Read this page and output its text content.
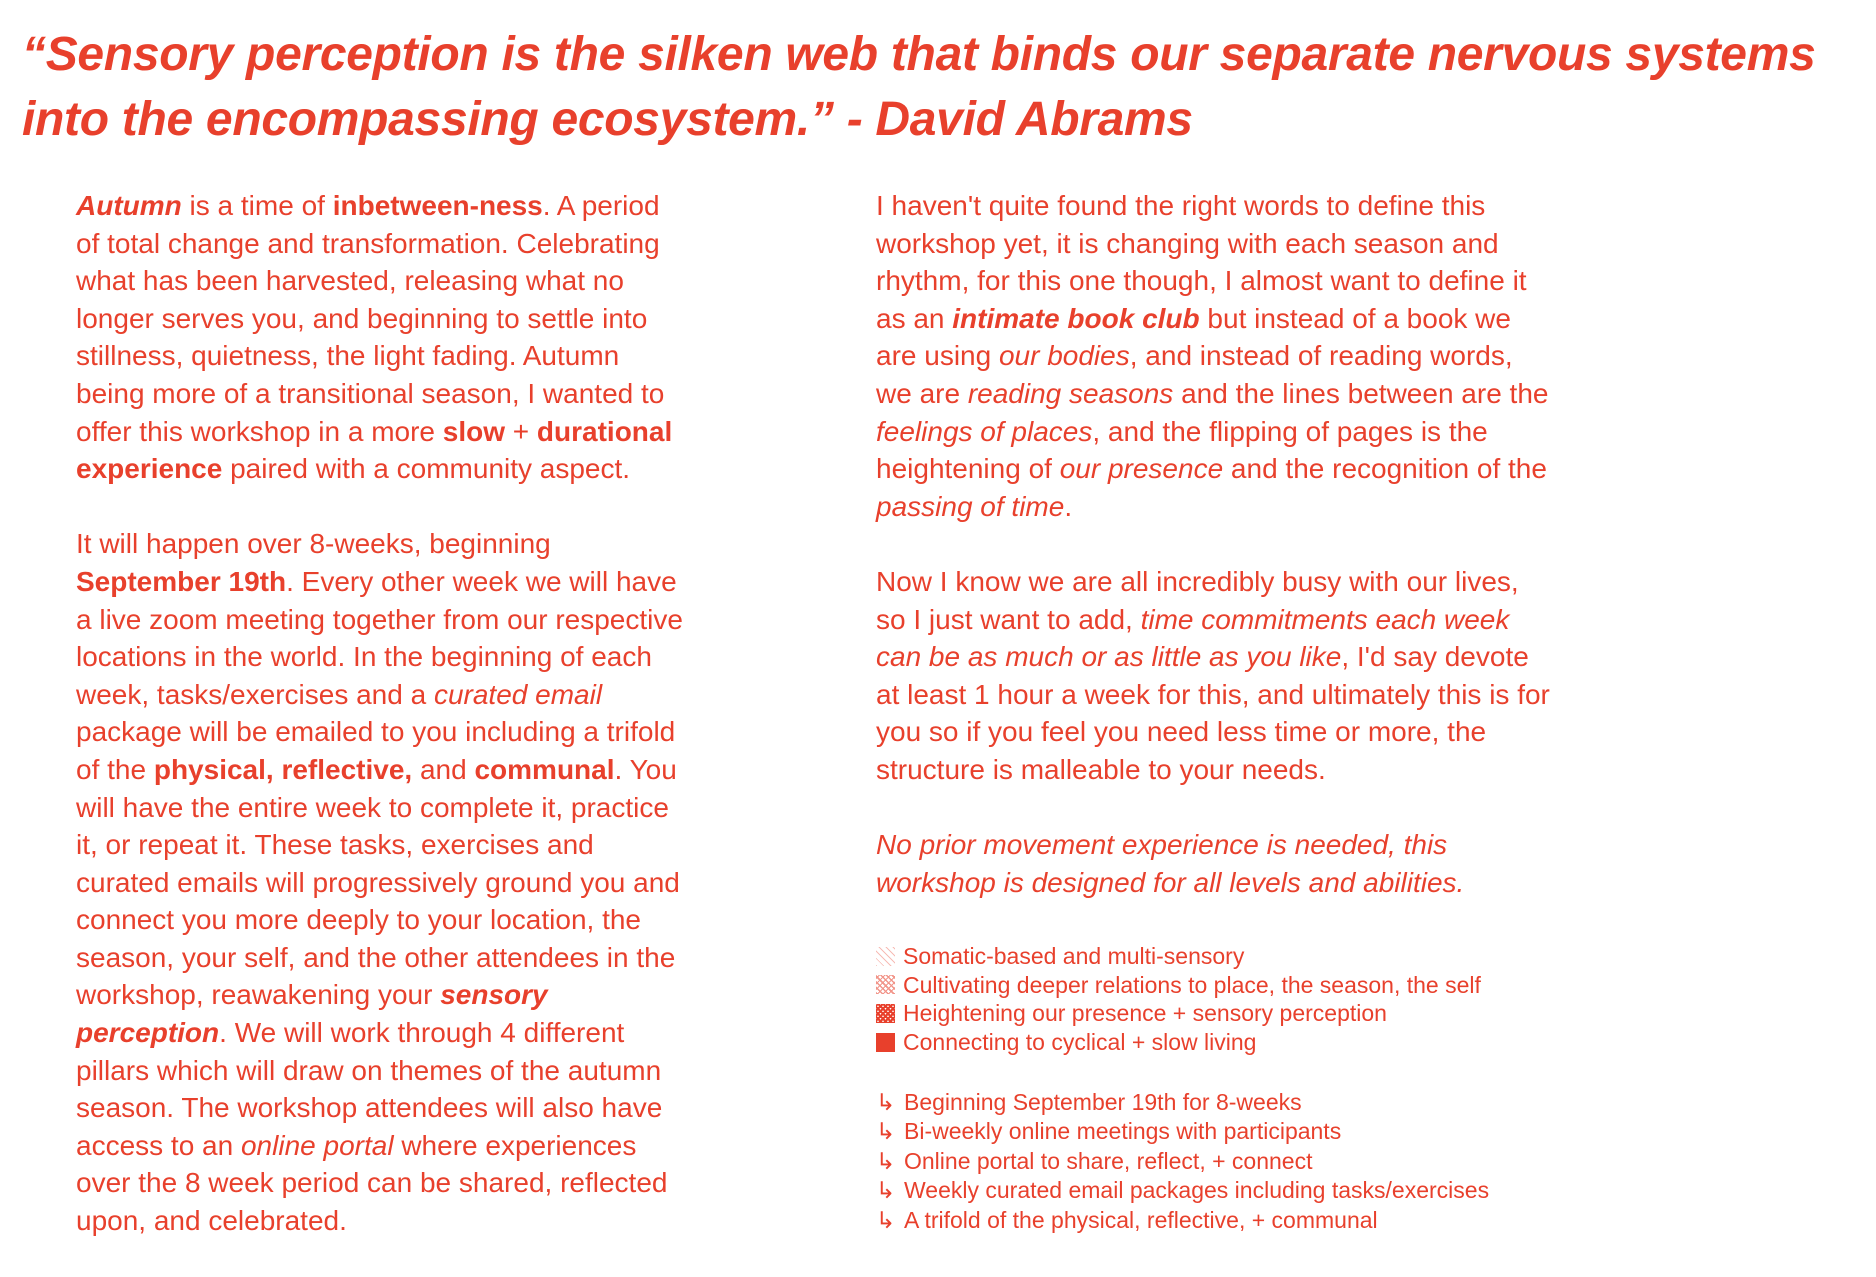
“Sensory perception is the silken web that binds our separate nervous systems into the encompassing ecosystem.” - David Abrams

Autumn is a time of inbetween-ness. A period of total change and transformation. Celebrating what has been harvested, releasing what no longer serves you, and beginning to settle into stillness, quietness, the light fading. Autumn being more of a transitional season, I wanted to offer this workshop in a more slow + durational experience paired with a community aspect.

It will happen over 8-weeks, beginning September 19th. Every other week we will have a live zoom meeting together from our respective locations in the world. In the beginning of each week, tasks/exercises and a curated email package will be emailed to you including a trifold of the physical, reflective, and communal. You will have the entire week to complete it, practice it, or repeat it. These tasks, exercises and curated emails will progressively ground you and connect you more deeply to your location, the season, your self, and the other attendees in the workshop, reawakening your sensory perception. We will work through 4 different pillars which will draw on themes of the autumn season. The workshop attendees will also have access to an online portal where experiences over the 8 week period can be shared, reflected upon, and celebrated.

I haven't quite found the right words to define this workshop yet, it is changing with each season and rhythm, for this one though, I almost want to define it as an intimate book club but instead of a book we are using our bodies, and instead of reading words, we are reading seasons and the lines between are the feelings of places, and the flipping of pages is the heightening of our presence and the recognition of the passing of time.

Now I know we are all incredibly busy with our lives, so I just want to add, time commitments each week can be as much or as little as you like, I'd say devote at least 1 hour a week for this, and ultimately this is for you so if you feel you need less time or more, the structure is malleable to your needs.

No prior movement experience is needed, this workshop is designed for all levels and abilities.

Somatic-based and multi-sensory
Cultivating deeper relations to place, the season, the self
Heightening our presence + sensory perception
Connecting to cyclical + slow living
↳ Beginning September 19th for 8-weeks
↳ Bi-weekly online meetings with participants
↳ Online portal to share, reflect, + connect
↳ Weekly curated email packages including tasks/exercises
↳ A trifold of the physical, reflective, + communal
